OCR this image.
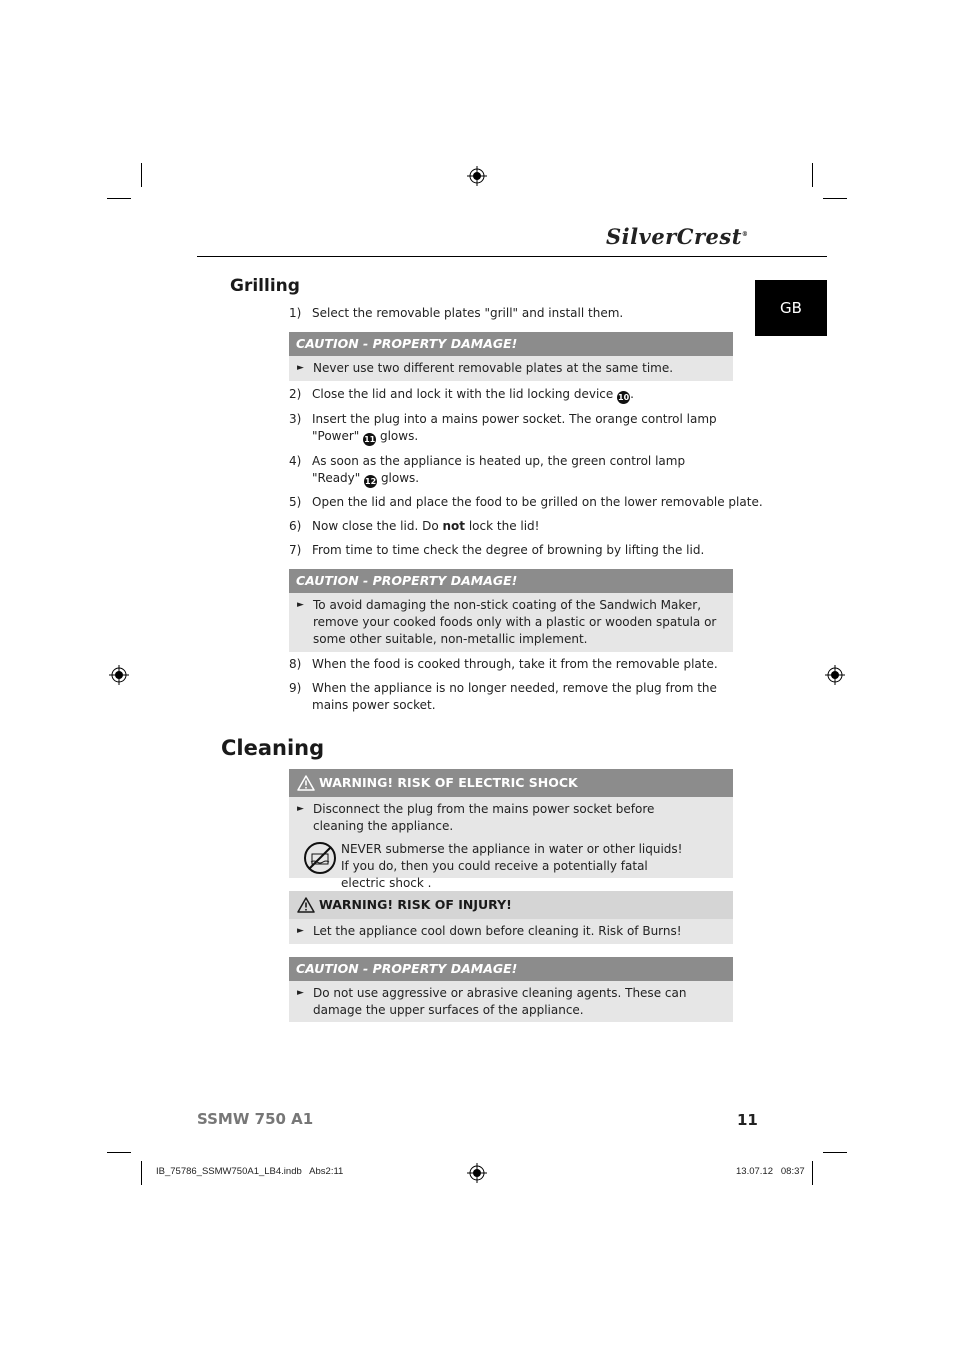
SilverCrest®
GB
Grilling
1) Select the removable plates "grill" and install them.
CAUTION - PROPERTY DAMAGE!
► Never use two different removable plates at the same time.
2) Close the lid and lock it with the lid locking device 10.
3) Insert the plug into a mains power socket. The orange control lamp "Power" 11 glows.
4) As soon as the appliance is heated up, the green control lamp "Ready" 12 glows.
5) Open the lid and place the food to be grilled on the lower removable plate.
6) Now close the lid. Do not lock the lid!
7) From time to time check the degree of browning by lifting the lid.
CAUTION - PROPERTY DAMAGE!
► To avoid damaging the non-stick coating of the Sandwich Maker, remove your cooked foods only with a plastic or wooden spatula or some other suitable, non-metallic implement.
8) When the food is cooked through, take it from the removable plate.
9) When the appliance is no longer needed, remove the plug from the mains power socket.
Cleaning
WARNING! RISK OF ELECTRIC SHOCK
► Disconnect the plug from the mains power socket before cleaning the appliance.
NEVER submerse the appliance in water or other liquids! If you do, then you could receive a potentially fatal electric shock .
WARNING! RISK OF INJURY!
► Let the appliance cool down before cleaning it. Risk of Burns!
CAUTION - PROPERTY DAMAGE!
► Do not use aggressive or abrasive cleaning agents. These can damage the upper surfaces of the appliance.
SSMW 750 A1	11
IB_75786_SSMW750A1_LB4.indb   Abs2:11	13.07.12   08:37
